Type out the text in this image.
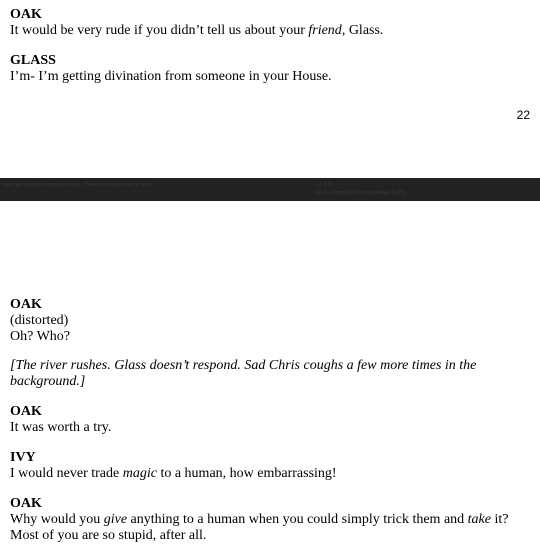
OAK

It would be very rude if you didn’t tell us about your friend, Glass.

GLASS

I’m- I’m getting divination from someone in your House.

22
Stars are aligned, trying the trick. These fools are blind to you.	GLASS
(as if compelled) I'm speaking clearly.

OAK

(distorted)

Oh? Who?

[The river rushes. Glass doesn’t respond. Sad Chris coughs a few more times in the background.]

OAK

It was worth a try.

IVY

I would never trade magic to a human, how embarrassing!

OAK

Why would you give anything to a human when you could simply trick them and take it? Most of you are so stupid, after all.
